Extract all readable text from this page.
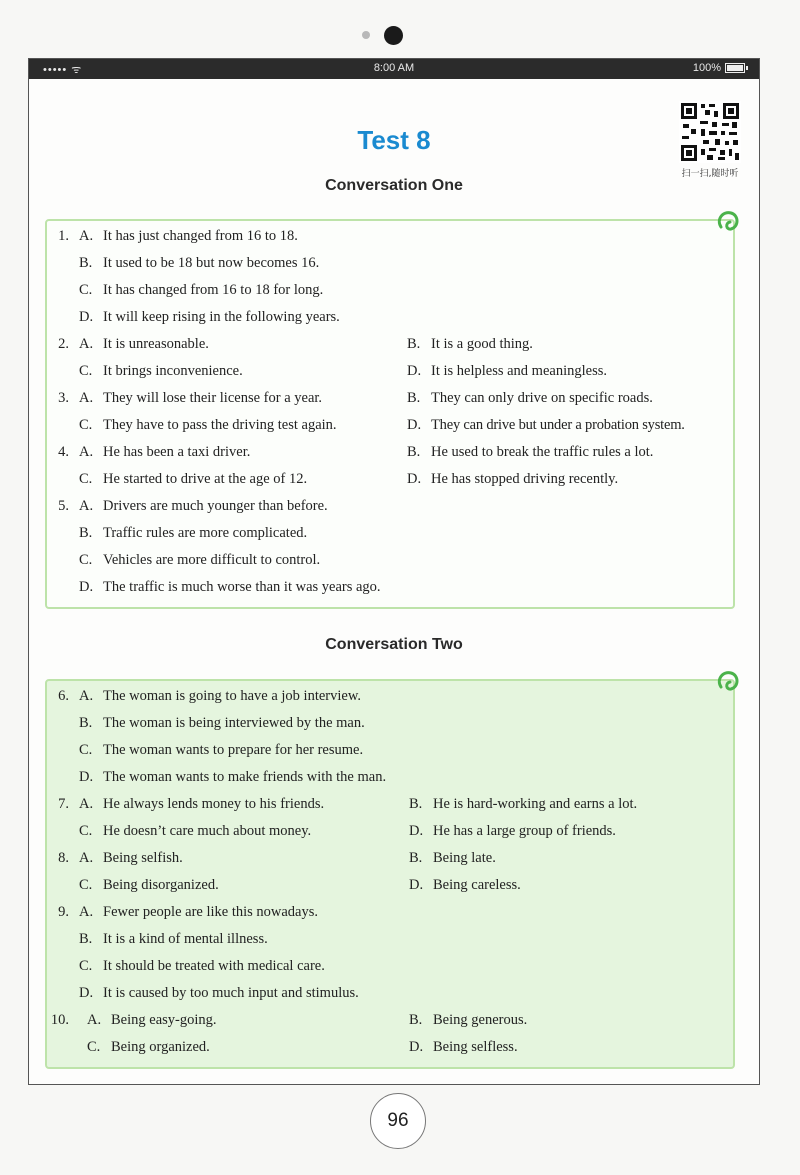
••••• ᯤ	8:00 AM	100%
Test 8
扫一扫,随时听
Conversation One
1. A. It has just changed from 16 to 18.
B. It used to be 18 but now becomes 16.
C. It has changed from 16 to 18 for long.
D. It will keep rising in the following years.
2. A. It is unreasonable.	B. It is a good thing.
C. It brings inconvenience.	D. It is helpless and meaningless.
3. A. They will lose their license for a year.	B. They can only drive on specific roads.
C. They have to pass the driving test again.	D. They can drive but under a probation system.
4. A. He has been a taxi driver.	B. He used to break the traffic rules a lot.
C. He started to drive at the age of 12.	D. He has stopped driving recently.
5. A. Drivers are much younger than before.
B. Traffic rules are more complicated.
C. Vehicles are more difficult to control.
D. The traffic is much worse than it was years ago.
Conversation Two
6. A. The woman is going to have a job interview.
B. The woman is being interviewed by the man.
C. The woman wants to prepare for her resume.
D. The woman wants to make friends with the man.
7. A. He always lends money to his friends.	B. He is hard-working and earns a lot.
C. He doesn’t care much about money.	D. He has a large group of friends.
8. A. Being selfish.	B. Being late.
C. Being disorganized.	D. Being careless.
9. A. Fewer people are like this nowadays.
B. It is a kind of mental illness.
C. It should be treated with medical care.
D. It is caused by too much input and stimulus.
10. A. Being easy-going.	B. Being generous.
C. Being organized.	D. Being selfless.
96
